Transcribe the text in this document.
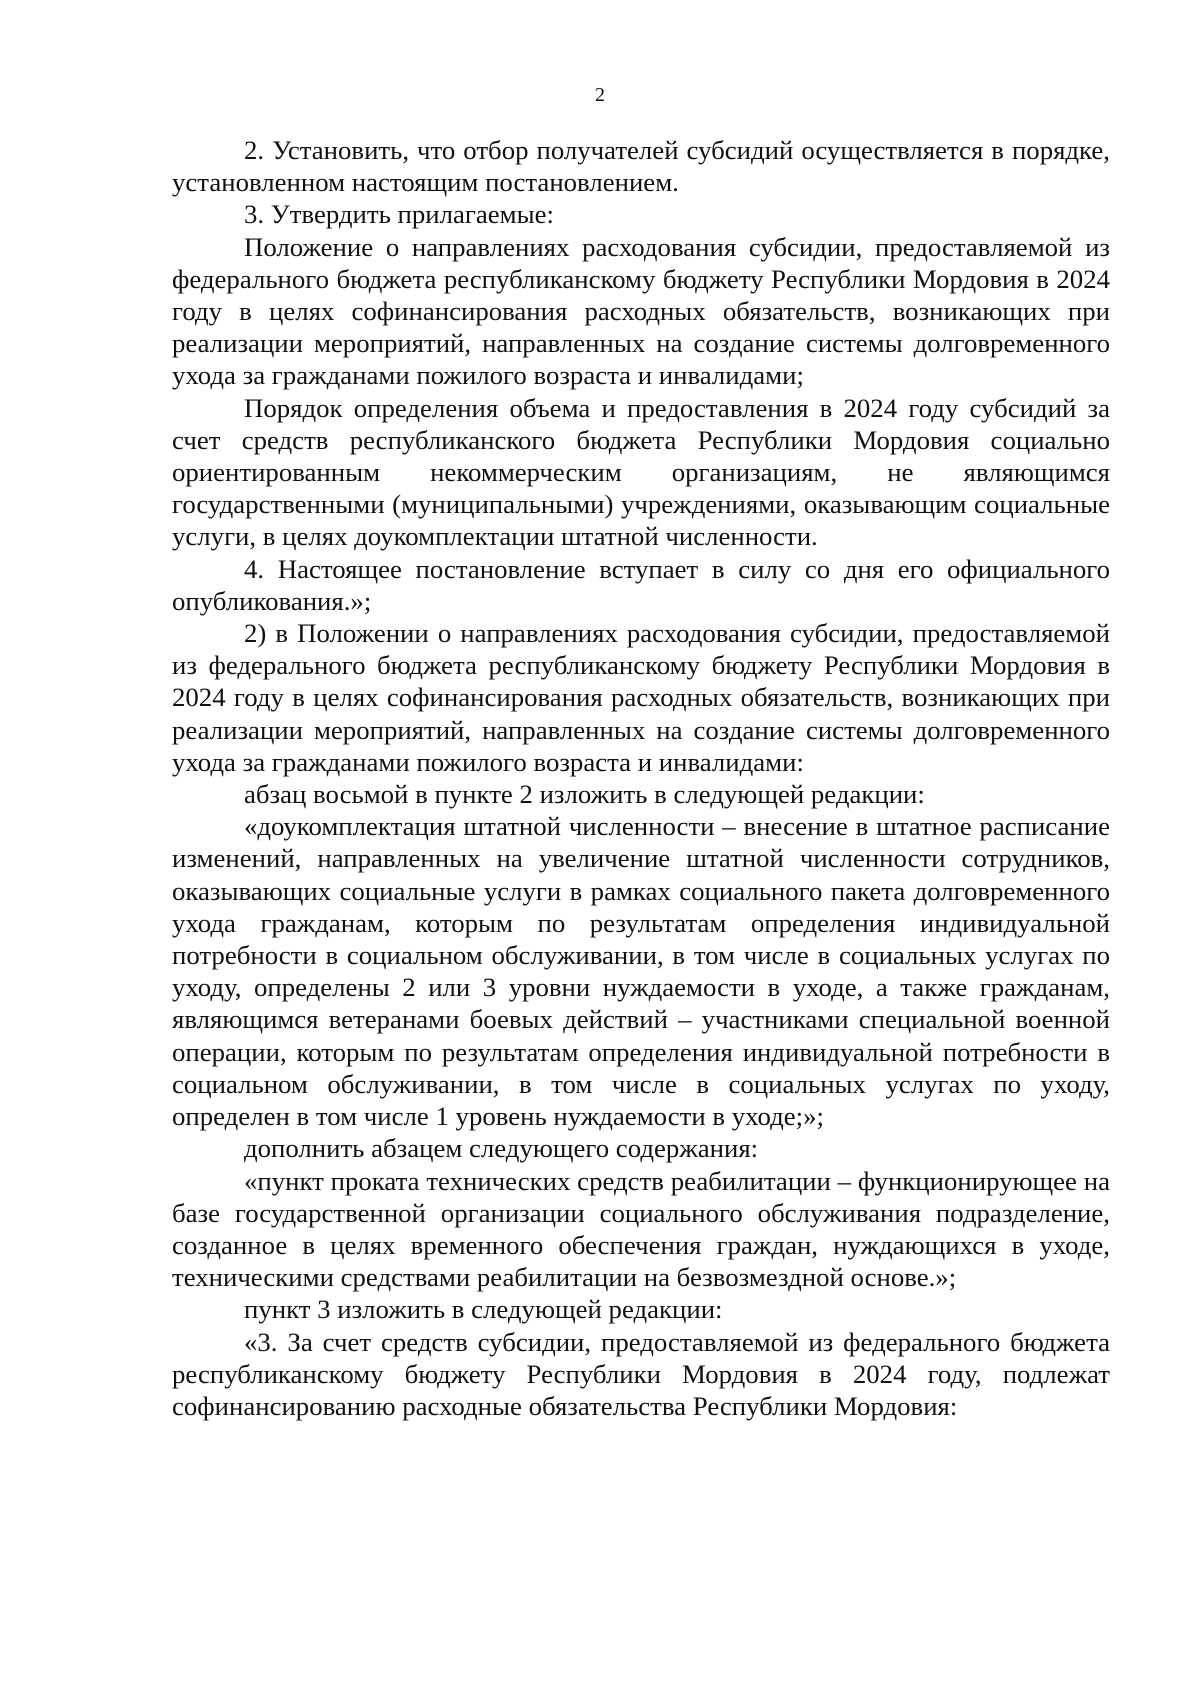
2

2. Установить, что отбор получателей субсидий осуществляется в порядке, установленном настоящим постановлением.

3. Утвердить прилагаемые:

Положение о направлениях расходования субсидии, предоставляемой из федерального бюджета республиканскому бюджету Республики Мордовия в 2024 году в целях софинансирования расходных обязательств, возникающих при реализации мероприятий, направленных на создание системы долговременного ухода за гражданами пожилого возраста и инвалидами;

Порядок определения объема и предоставления в 2024 году субсидий за счет средств республиканского бюджета Республики Мордовия социально ориентированным некоммерческим организациям, не являющимся государственными (муниципальными) учреждениями, оказывающим социальные услуги, в целях доукомплектации штатной численности.

4. Настоящее постановление вступает в силу со дня его официального опубликования.»;

2) в Положении о направлениях расходования субсидии, предоставляемой из федерального бюджета республиканскому бюджету Республики Мордовия в 2024 году в целях софинансирования расходных обязательств, возникающих при реализации мероприятий, направленных на создание системы долговременного ухода за гражданами пожилого возраста и инвалидами:

абзац восьмой в пункте 2 изложить в следующей редакции:

«доукомплектация штатной численности – внесение в штатное расписание изменений, направленных на увеличение штатной численности сотрудников, оказывающих социальные услуги в рамках социального пакета долговременного ухода гражданам, которым по результатам определения индивидуальной потребности в социальном обслуживании, в том числе в социальных услугах по уходу, определены 2 или 3 уровни нуждаемости в уходе, а также гражданам, являющимся ветеранами боевых действий – участниками специальной военной операции, которым по результатам определения индивидуальной потребности в социальном обслуживании, в том числе в социальных услугах по уходу, определен в том числе 1 уровень нуждаемости в уходе;»;

дополнить абзацем следующего содержания:

«пункт проката технических средств реабилитации – функционирующее на базе государственной организации социального обслуживания подразделение, созданное в целях временного обеспечения граждан, нуждающихся в уходе, техническими средствами реабилитации на безвозмездной основе.»;

пункт 3 изложить в следующей редакции:

«3. За счет средств субсидии, предоставляемой из федерального бюджета республиканскому бюджету Республики Мордовия в 2024 году, подлежат софинансированию расходные обязательства Республики Мордовия:
